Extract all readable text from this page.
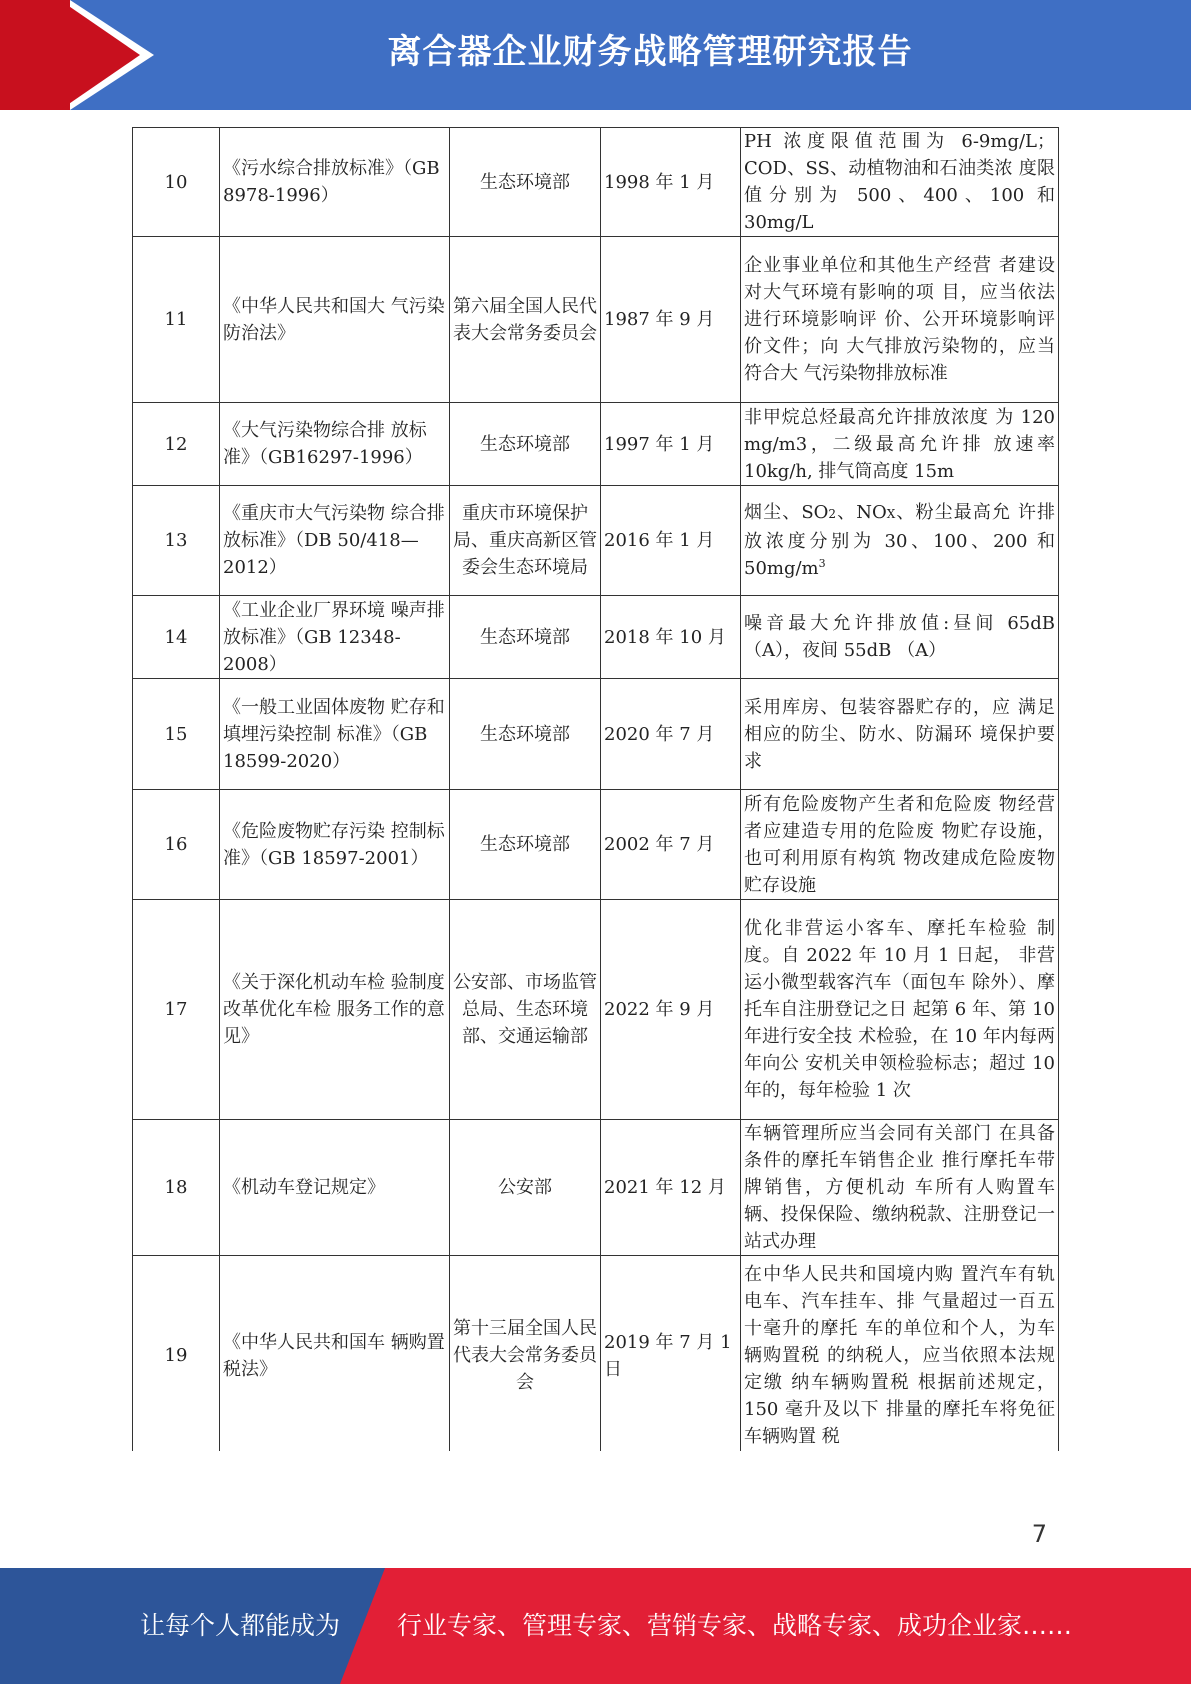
离合器企业财务战略管理研究报告
10	《污水综合排放标准》（GB 8978-1996）	生态环境部	1998 年 1 月	PH 浓度限值范围为 6-9mg/L； COD、SS、动植物油和石油类浓 度限值分别为 500、400、100 和 30mg/L
11	《中华人民共和国大 气污染防治法》	第六届全国人民代表大会常务委员会	1987 年 9 月	企业事业单位和其他生产经营 者建设对大气环境有影响的项 目，应当依法进行环境影响评 价、公开环境影响评价文件；向 大气排放污染物的，应当符合大 气污染物排放标准
12	《大气污染物综合排 放标准》（GB16297-1996）	生态环境部	1997 年 1 月	非甲烷总烃最高允许排放浓度 为 120 mg/m3，二级最高允许排 放速率 10kg/h, 排气筒高度 15m
13	《重庆市大气污染物 综合排放标准》（DB 50/418—2012）	重庆市环境保护局、重庆高新区管委会生态环境局	2016 年 1 月	烟尘、SO2、NOX、粉尘最高允 许排放浓度分别为 30、100、200 和 $50mg/m^3$
14	《工业企业厂界环境 噪声排放标准》（GB 12348-2008）	生态环境部	2018 年 10 月	噪音最大允许排放值:昼间 65dB （A），夜间 55dB （A）
15	《一般工业固体废物 贮存和填埋污染控制 标准》（GB 18599-2020）	生态环境部	2020 年 7 月	采用库房、包装容器贮存的，应 满足相应的防尘、防水、防漏环 境保护要求
16	《危险废物贮存污染 控制标准》（GB 18597-2001）	生态环境部	2002 年 7 月	所有危险废物产生者和危险废 物经营者应建造专用的危险废 物贮存设施，也可利用原有构筑 物改建成危险废物贮存设施
17	《关于深化机动车检 验制度改革优化车检 服务工作的意见》	公安部、市场监管总局、生态环境部、交通运输部	2022 年 9 月	优化非营运小客车、摩托车检验 制度。自 2022 年 10 月 1 日起， 非营运小微型载客汽车（面包车 除外）、摩托车自注册登记之日 起第 6 年、第 10 年进行安全技 术检验，在 10 年内每两年向公 安机关申领检验标志；超过 10 年的，每年检验 1 次
18	《机动车登记规定》	公安部	2021 年 12 月	车辆管理所应当会同有关部门 在具备条件的摩托车销售企业 推行摩托车带牌销售，方便机动 车所有人购置车辆、投保保险、缴纳税款、注册登记一站式办理
19	《中华人民共和国车 辆购置税法》	第十三届全国人民代表大会常务委员会	2019 年 7 月 1 日	在中华人民共和国境内购 置汽车有轨电车、汽车挂车、排 气量超过一百五十毫升的摩托 车的单位和个人，为车辆购置税 的纳税人，应当依照本法规定缴 纳车辆购置税 根据前述规定，150 毫升及以下 排量的摩托车将免征车辆购置 税
7
让每个人都能成为 行业专家、管理专家、营销专家、战略专家、成功企业家……
